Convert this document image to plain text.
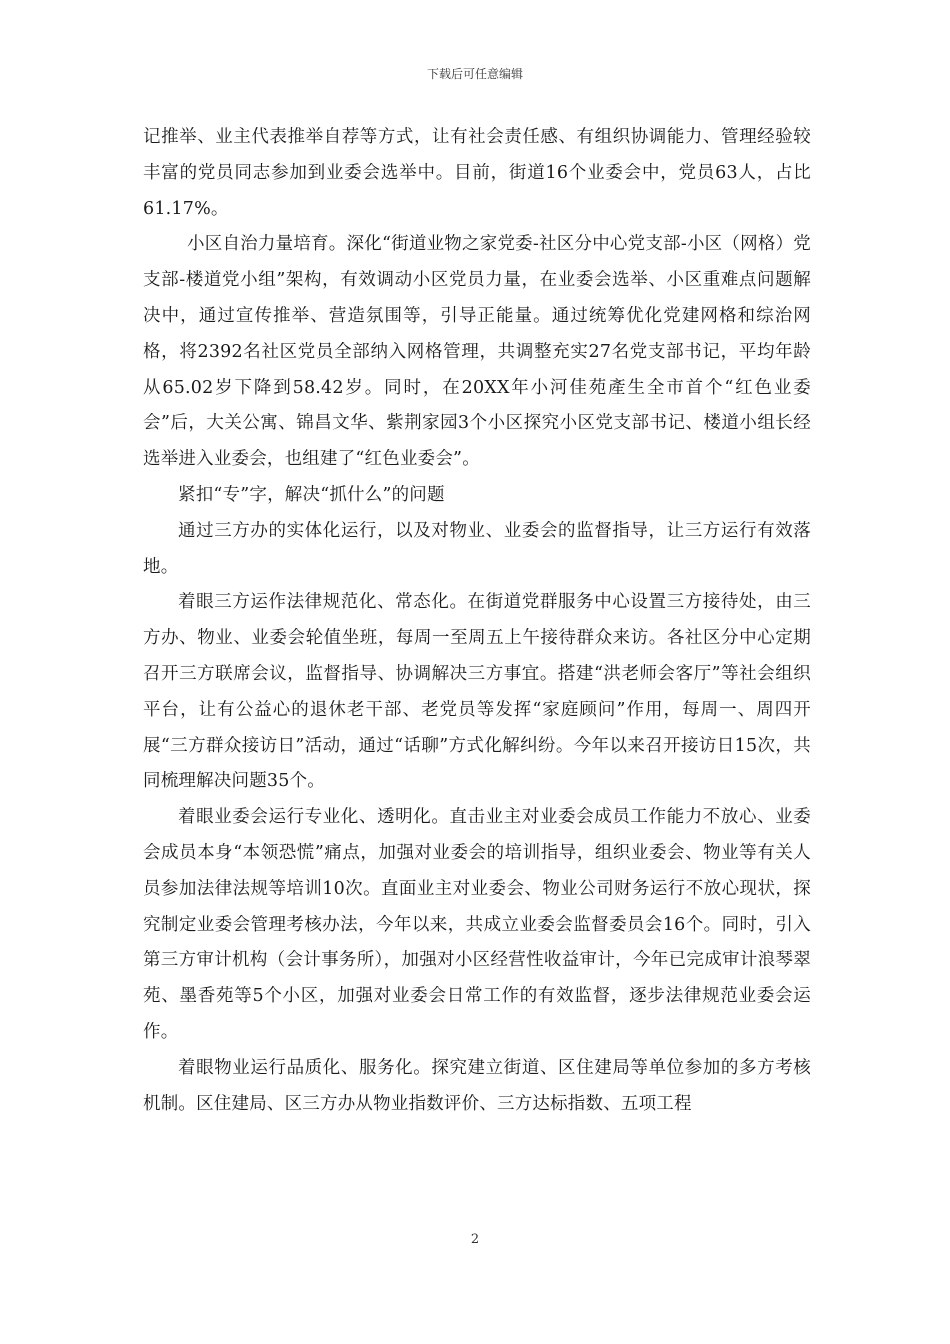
下载后可任意编辑

记推举、业主代表推举自荐等方式，让有社会责任感、有组织协调能力、管理经验较丰富的党员同志参加到业委会选举中。目前，街道16个业委会中，党员63人，占比61.17%。

小区自治力量培育。深化“街道业物之家党委-社区分中心党支部-小区（网格）党支部-楼道党小组”架构，有效调动小区党员力量，在业委会选举、小区重难点问题解决中，通过宣传推举、营造氛围等，引导正能量。通过统筹优化党建网格和综治网格，将2392名社区党员全部纳入网格管理，共调整充实27名党支部书记，平均年龄从65.02岁下降到58.42岁。同时，在20XX年小河佳苑產生全市首个“红色业委会”后，大关公寓、锦昌文华、紫荆家园3个小区探究小区党支部书记、楼道小组长经选举进入业委会，也组建了“红色业委会”。

紧扣“专”字，解决“抓什么”的问题

通过三方办的实体化运行，以及对物业、业委会的监督指导，让三方运行有效落地。

着眼三方运作法律规范化、常态化。在街道党群服务中心设置三方接待处，由三方办、物业、业委会轮值坐班，每周一至周五上午接待群众来访。各社区分中心定期召开三方联席会议，监督指导、协调解决三方事宜。搭建“洪老师会客厅”等社会组织平台，让有公益心的退休老干部、老党员等发挥“家庭顾问”作用，每周一、周四开展“三方群众接访日”活动，通过“话聊”方式化解纠纷。今年以来召开接访日15次，共同梳理解决问题35个。

着眼业委会运行专业化、透明化。直击业主对业委会成员工作能力不放心、业委会成员本身“本领恐慌”痛点，加强对业委会的培训指导，组织业委会、物业等有关人员参加法律法规等培训10次。直面业主对业委会、物业公司财务运行不放心现状，探究制定业委会管理考核办法，今年以来，共成立业委会监督委员会16个。同时，引入第三方审计机构（会计事务所），加强对小区经营性收益审计，今年已完成审计浪琴翠苑、墨香苑等5个小区，加强对业委会日常工作的有效监督，逐步法律规范业委会运作。

着眼物业运行品质化、服务化。探究建立街道、区住建局等单位参加的多方考核机制。区住建局、区三方办从物业指数评价、三方达标指数、五项工程

2
